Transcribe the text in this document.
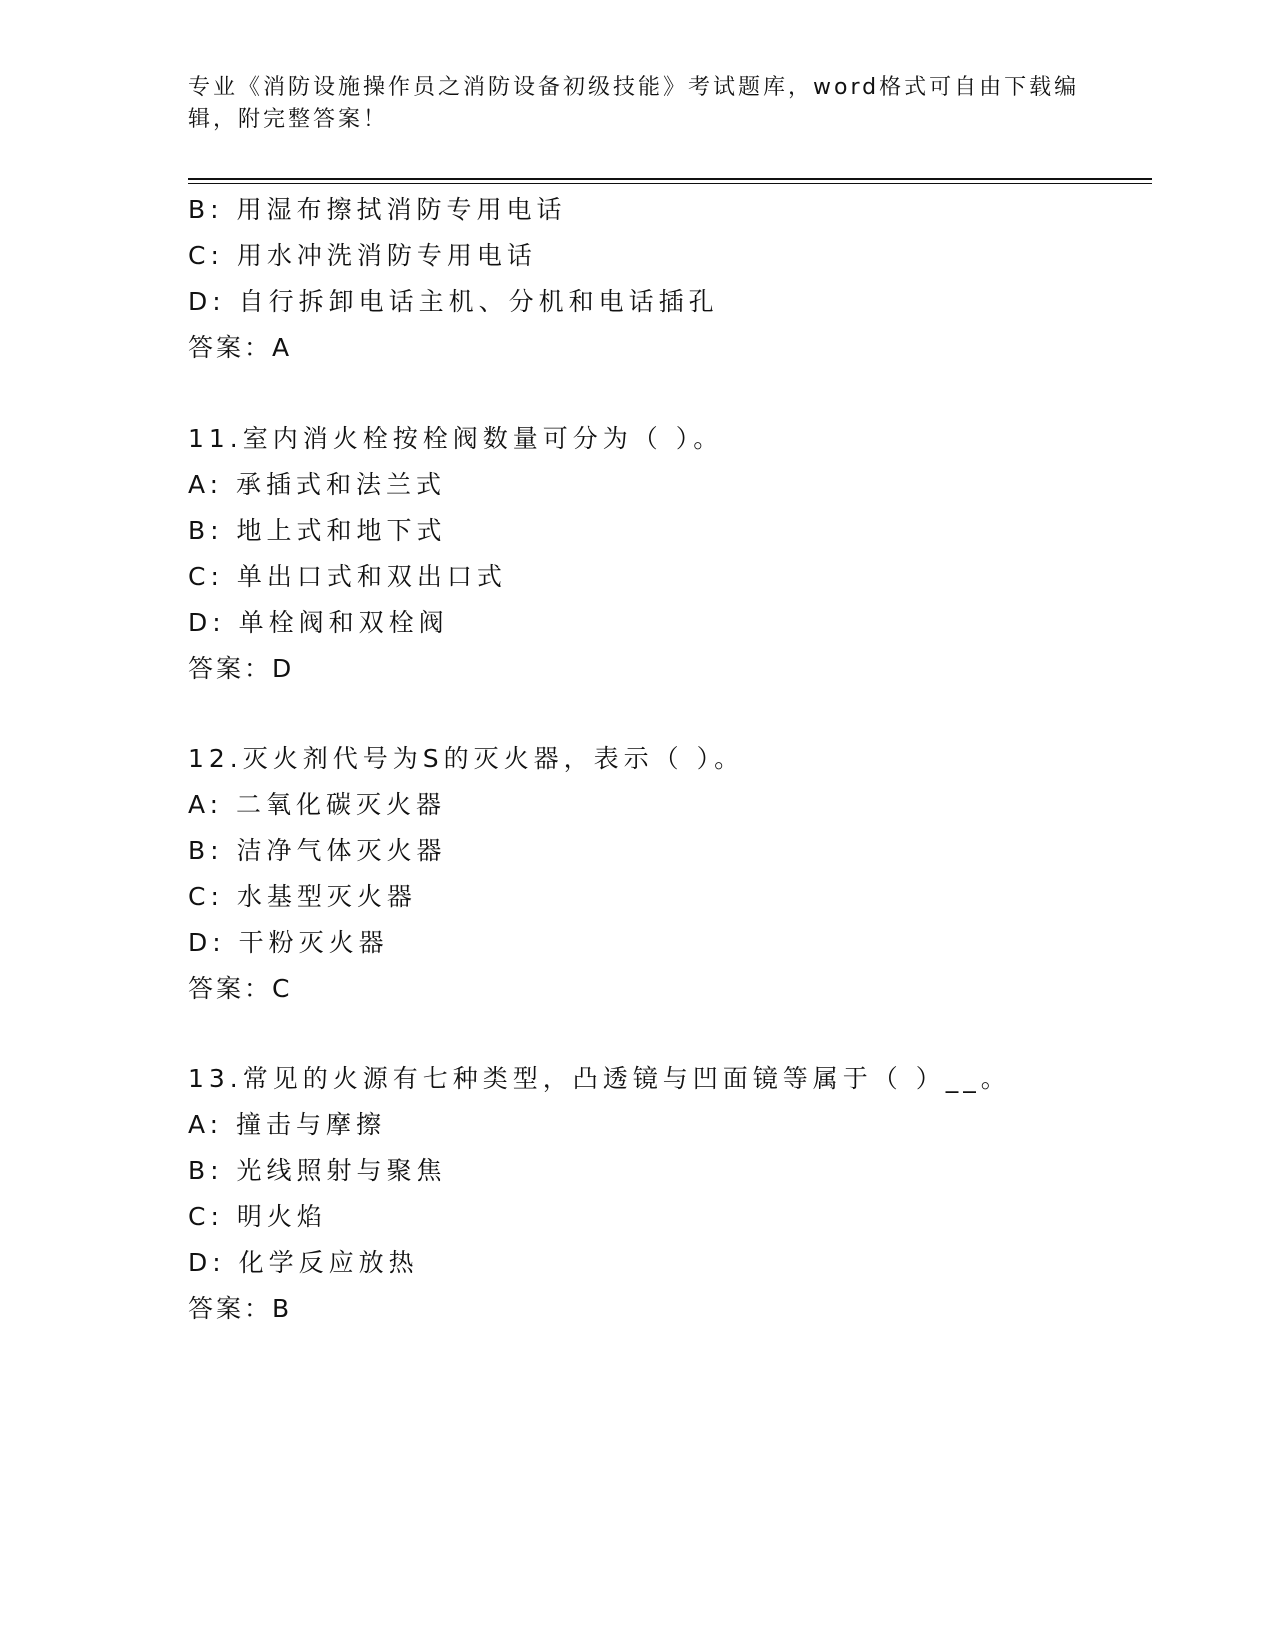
专业《消防设施操作员之消防设备初级技能》考试题库，word格式可自由下载编
辑，附完整答案！
B: 用湿布擦拭消防专用电话
C: 用水冲洗消防专用电话
D: 自行拆卸电话主机、分机和电话插孔
答案：A
11.室内消火栓按栓阀数量可分为（ ）。
A: 承插式和法兰式
B: 地上式和地下式
C: 单出口式和双出口式
D: 单栓阀和双栓阀
答案：D
12.灭火剂代号为S的灭火器，表示（ ）。
A: 二氧化碳灭火器
B: 洁净气体灭火器
C: 水基型灭火器
D: 干粉灭火器
答案：C
13.常见的火源有七种类型，凸透镜与凹面镜等属于（ ）__。
A: 撞击与摩擦
B: 光线照射与聚焦
C: 明火焰
D: 化学反应放热
答案：B
